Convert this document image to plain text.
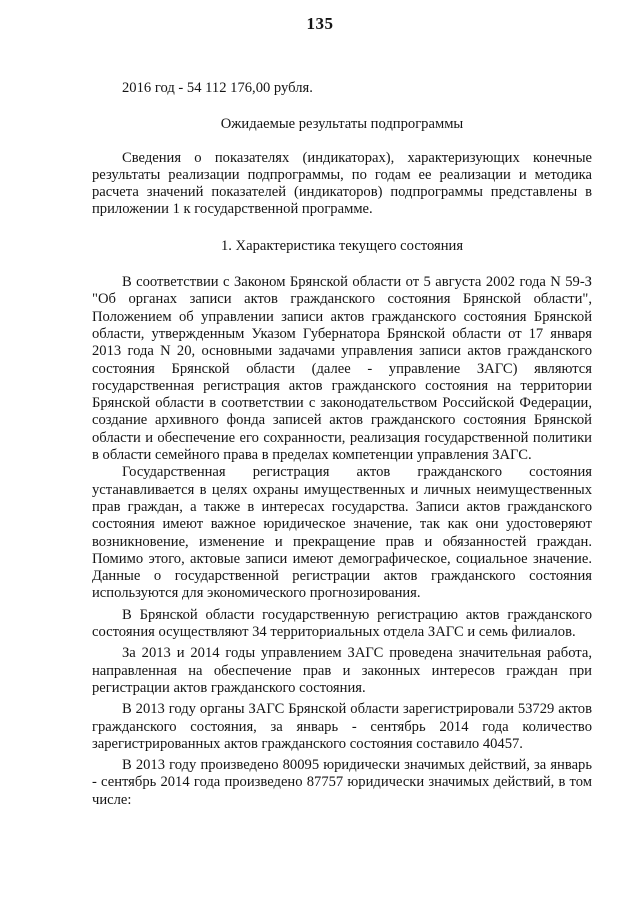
135
2016 год - 54 112 176,00 рубля.
Ожидаемые результаты подпрограммы

Сведения о показателях (индикаторах), характеризующих конечные результаты реализации подпрограммы, по годам ее реализации и методика расчета значений показателей (индикаторов) подпрограммы представлены в приложении 1 к государственной программе.

1. Характеристика текущего состояния

В соответствии с Законом Брянской области от 5 августа 2002 года N 59-З "Об органах записи актов гражданского состояния Брянской области", Положением об управлении записи актов гражданского состояния Брянской области, утвержденным Указом Губернатора Брянской области от 17 января 2013 года N 20, основными задачами управления записи актов гражданского состояния Брянской области (далее - управление ЗАГС) являются государственная регистрация актов гражданского состояния на территории Брянской области в соответствии с законодательством Российской Федерации, создание архивного фонда записей актов гражданского состояния Брянской области и обеспечение его сохранности, реализация государственной политики в области семейного права в пределах компетенции управления ЗАГС.

Государственная регистрация актов гражданского состояния устанавливается в целях охраны имущественных и личных неимущественных прав граждан, а также в интересах государства. Записи актов гражданского состояния имеют важное юридическое значение, так как они удостоверяют возникновение, изменение и прекращение прав и обязанностей граждан. Помимо этого, актовые записи имеют демографическое, социальное значение. Данные о государственной регистрации актов гражданского состояния используются для экономического прогнозирования.

В Брянской области государственную регистрацию актов гражданского состояния осуществляют 34 территориальных отдела ЗАГС и семь филиалов.

За 2013 и 2014 годы управлением ЗАГС проведена значительная работа, направленная на обеспечение прав и законных интересов граждан при регистрации актов гражданского состояния.

В 2013 году органы ЗАГС Брянской области зарегистрировали 53729 актов гражданского состояния, за январь - сентябрь 2014 года количество зарегистрированных актов гражданского состояния составило 40457.

В 2013 году произведено 80095 юридически значимых действий, за январь - сентябрь 2014 года произведено 87757 юридически значимых действий, в том числе:
